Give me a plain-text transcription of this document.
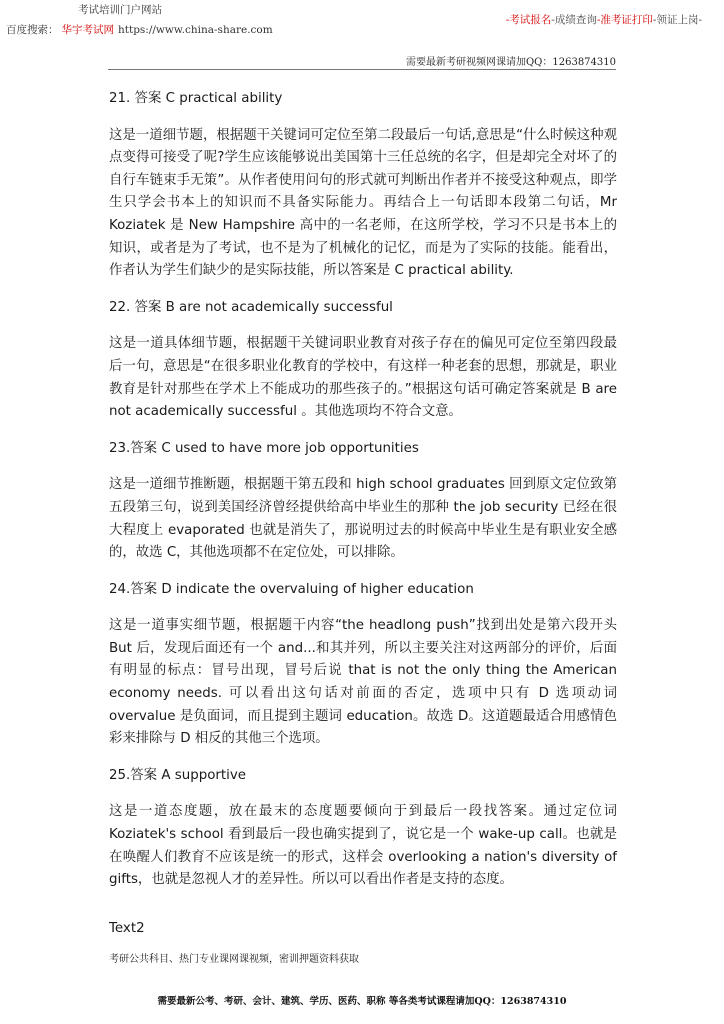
考试培训门户网站
百度搜索： 华宇考试网 https://www.china-share.com
-考试报名-成绩查询-准考证打印-领证上岗-
需要最新考研视频网课请加QQ：1263874310

21. 答案 C practical ability

这是一道细节题，根据题干关键词可定位至第二段最后一句话,意思是“什么时候这种观点变得可接受了呢?学生应该能够说出美国第十三任总统的名字，但是却完全对坏了的自行车链束手无策”。从作者使用问句的形式就可判断出作者并不接受这种观点，即学生只学会书本上的知识而不具备实际能力。再结合上一句话即本段第二句话，Mr Koziatek 是 New Hampshire 高中的一名老师，在这所学校，学习不只是书本上的知识，或者是为了考试，也不是为了机械化的记忆，而是为了实际的技能。能看出，作者认为学生们缺少的是实际技能，所以答案是 C practical ability.

22. 答案 B are not academically successful

这是一道具体细节题，根据题干关键词职业教育对孩子存在的偏见可定位至第四段最后一句，意思是“在很多职业化教育的学校中，有这样一种老套的思想，那就是，职业教育是针对那些在学术上不能成功的那些孩子的。”根据这句话可确定答案就是 B are not academically successful 。其他选项均不符合文意。

23.答案 C used to have more job opportunities

这是一道细节推断题，根据题干第五段和 high school graduates 回到原文定位致第五段第三句，说到美国经济曾经提供给高中毕业生的那种 the job security 已经在很大程度上 evaporated 也就是消失了，那说明过去的时候高中毕业生是有职业安全感的，故选 C，其他选项都不在定位处，可以排除。

24.答案 D indicate the overvaluing of higher education

这是一道事实细节题，根据题干内容“the headlong push”找到出处是第六段开头 But 后，发现后面还有一个 and...和其并列，所以主要关注对这两部分的评价，后面有明显的标点：冒号出现，冒号后说 that is not the only thing the American economy needs. 可以看出这句话对前面的否定，选项中只有 D 选项动词 overvalue 是负面词，而且提到主题词 education。故选 D。这道题最适合用感情色彩来排除与 D 相反的其他三个选项。

25.答案 A supportive

这是一道态度题，放在最末的态度题要倾向于到最后一段找答案。通过定位词 Koziatek's school 看到最后一段也确实提到了，说它是一个 wake-up call。也就是在唤醒人们教育不应该是统一的形式，这样会 overlooking a nation's diversity of gifts，也就是忽视人才的差异性。所以可以看出作者是支持的态度。

Text2

考研公共科目、热门专业课网课视频，密训押题资料获取
需要最新公考、考研、会计、建筑、学历、医药、职称 等各类考试课程请加QQ：1263874310
